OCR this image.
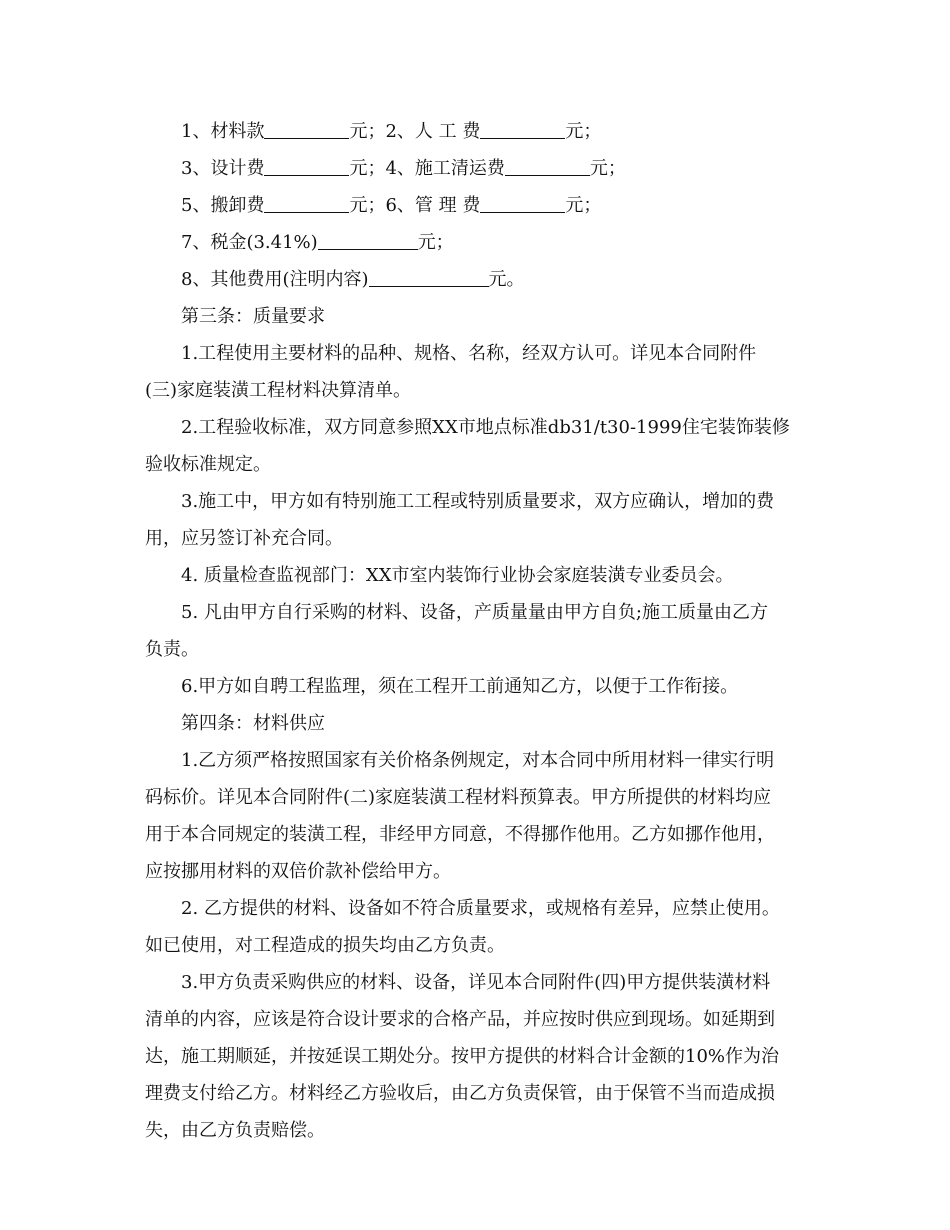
1、材料款	元；2、人 工 费	元；
3、设计费	元；4、施工清运费	元；
5、搬卸费	元；6、管 理 费	元；
7、税金(3.41%)	元；
8、其他费用(注明内容)	元。
第三条：质量要求
1.工程使用主要材料的品种、规格、名称，经双方认可。详见本合同附件
(三)家庭装潢工程材料决算清单。
2.工程验收标准，双方同意参照XX市地点标准db31/t30-1999住宅装饰装修
验收标准规定。
3.施工中，甲方如有特别施工工程或特别质量要求，双方应确认，增加的费
用，应另签订补充合同。
4. 质量检查监视部门：XX市室内装饰行业协会家庭装潢专业委员会。
5. 凡由甲方自行采购的材料、设备，产质量量由甲方自负;施工质量由乙方
负责。
6.甲方如自聘工程监理，须在工程开工前通知乙方，以便于工作衔接。
第四条：材料供应
1.乙方须严格按照国家有关价格条例规定，对本合同中所用材料一律实行明
码标价。详见本合同附件(二)家庭装潢工程材料预算表。甲方所提供的材料均应
用于本合同规定的装潢工程，非经甲方同意，不得挪作他用。乙方如挪作他用，
应按挪用材料的双倍价款补偿给甲方。
2. 乙方提供的材料、设备如不符合质量要求，或规格有差异，应禁止使用。
如已使用，对工程造成的损失均由乙方负责。
3.甲方负责采购供应的材料、设备，详见本合同附件(四)甲方提供装潢材料
清单的内容，应该是符合设计要求的合格产品，并应按时供应到现场。如延期到
达，施工期顺延，并按延误工期处分。按甲方提供的材料合计金额的10%作为治
理费支付给乙方。材料经乙方验收后，由乙方负责保管，由于保管不当而造成损
失，由乙方负责赔偿。
